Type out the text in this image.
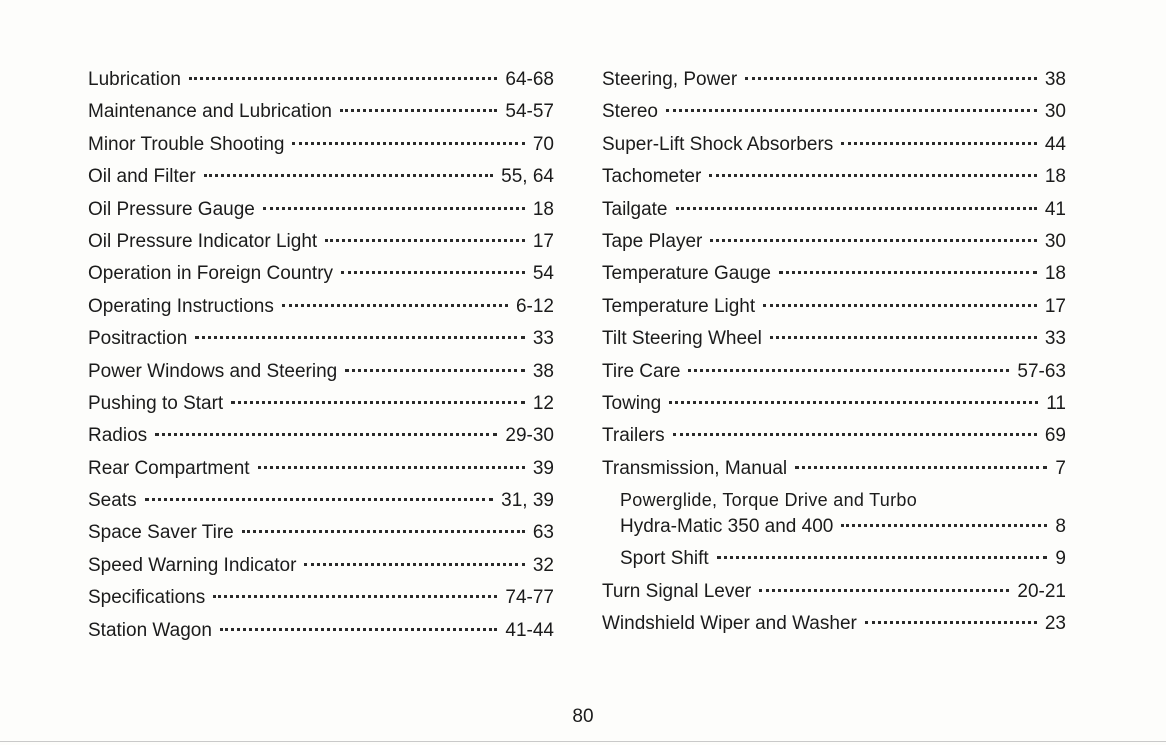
Lubrication	64-68
Maintenance and Lubrication	54-57
Minor Trouble Shooting	70
Oil and Filter	55, 64
Oil Pressure Gauge	18
Oil Pressure Indicator Light	17
Operation in Foreign Country	54
Operating Instructions	6-12
Positraction	33
Power Windows and Steering	38
Pushing to Start	12
Radios	29-30
Rear Compartment	39
Seats	31, 39
Space Saver Tire	63
Speed Warning Indicator	32
Specifications	74-77
Station Wagon	41-44
Steering, Power	38
Stereo	30
Super-Lift Shock Absorbers	44
Tachometer	18
Tailgate	41
Tape Player	30
Temperature Gauge	18
Temperature Light	17
Tilt Steering Wheel	33
Tire Care	57-63
Towing	11
Trailers	69
Transmission, Manual	7
Powerglide, Torque Drive and Turbo
Hydra-Matic 350 and 400	8
Sport Shift	9
Turn Signal Lever	20-21
Windshield Wiper and Washer	23
80
